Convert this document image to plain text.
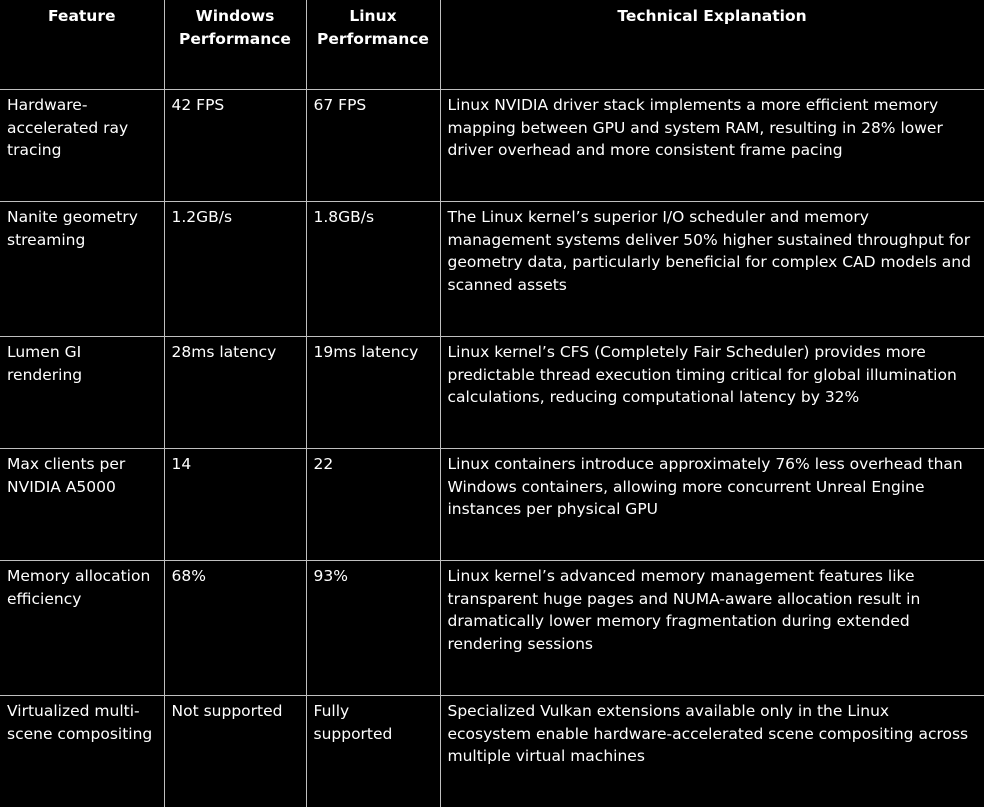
Feature	Windows Performance	Linux Performance	Technical Explanation
Hardware-accelerated ray tracing	42 FPS	67 FPS	Linux NVIDIA driver stack implements a more efficient memory mapping between GPU and system RAM, resulting in 28% lower driver overhead and more consistent frame pacing
Nanite geometry streaming	1.2GB/s	1.8GB/s	The Linux kernel’s superior I/O scheduler and memory management systems deliver 50% higher sustained throughput for geometry data, particularly beneficial for complex CAD models and scanned assets
Lumen GI rendering	28ms latency	19ms latency	Linux kernel’s CFS (Completely Fair Scheduler) provides more predictable thread execution timing critical for global illumination calculations, reducing computational latency by 32%
Max clients per NVIDIA A5000	14	22	Linux containers introduce approximately 76% less overhead than Windows containers, allowing more concurrent Unreal Engine instances per physical GPU
Memory allocation efficiency	68%	93%	Linux kernel’s advanced memory management features like transparent huge pages and NUMA-aware allocation result in dramatically lower memory fragmentation during extended rendering sessions
Virtualized multi-scene compositing	Not supported	Fully supported	Specialized Vulkan extensions available only in the Linux ecosystem enable hardware-accelerated scene compositing across multiple virtual machines
